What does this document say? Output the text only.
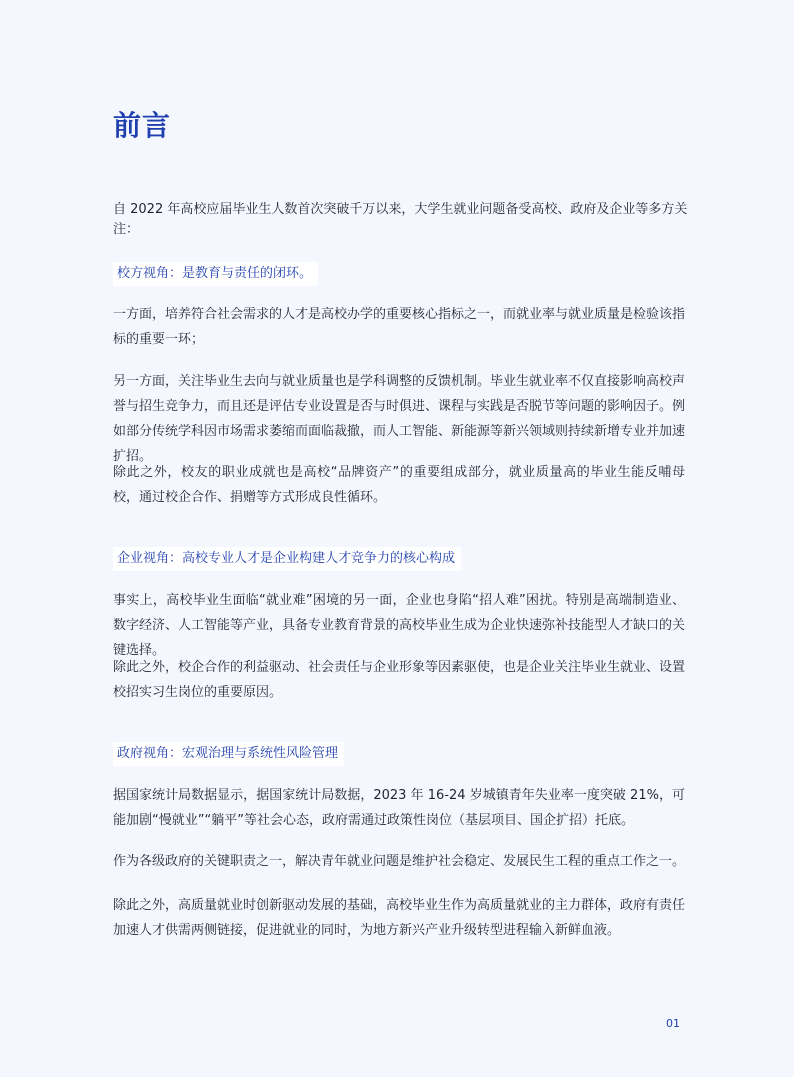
前言

自 2022 年高校应届毕业生人数首次突破千万以来，大学生就业问题备受高校、政府及企业等多方关注：

校方视角：是教育与责任的闭环。

一方面，培养符合社会需求的人才是高校办学的重要核心指标之一，而就业率与就业质量是检验该指标的重要一环；

另一方面，关注毕业生去向与就业质量也是学科调整的反馈机制。毕业生就业率不仅直接影响高校声誉与招生竞争力，而且还是评估专业设置是否与时俱进、课程与实践是否脱节等问题的影响因子。例如部分传统学科因市场需求萎缩而面临裁撤，而人工智能、新能源等新兴领域则持续新增专业并加速扩招。

除此之外，校友的职业成就也是高校“品牌资产”的重要组成部分，就业质量高的毕业生能反哺母校，通过校企合作、捐赠等方式形成良性循环。

企业视角：高校专业人才是企业构建人才竞争力的核心构成

事实上，高校毕业生面临“就业难”困境的另一面，企业也身陷“招人难”困扰。特别是高端制造业、数字经济、人工智能等产业，具备专业教育背景的高校毕业生成为企业快速弥补技能型人才缺口的关键选择。

除此之外，校企合作的利益驱动、社会责任与企业形象等因素驱使，也是企业关注毕业生就业、设置校招实习生岗位的重要原因。

政府视角：宏观治理与系统性风险管理

据国家统计局数据显示，据国家统计局数据，2023 年 16-24 岁城镇青年失业率一度突破 21%，可能加剧“慢就业”“躺平”等社会心态，政府需通过政策性岗位（基层项目、国企扩招）托底。

作为各级政府的关键职责之一，解决青年就业问题是维护社会稳定、发展民生工程的重点工作之一。

除此之外，高质量就业时创新驱动发展的基础，高校毕业生作为高质量就业的主力群体，政府有责任加速人才供需两侧链接，促进就业的同时，为地方新兴产业升级转型进程输入新鲜血液。

01
